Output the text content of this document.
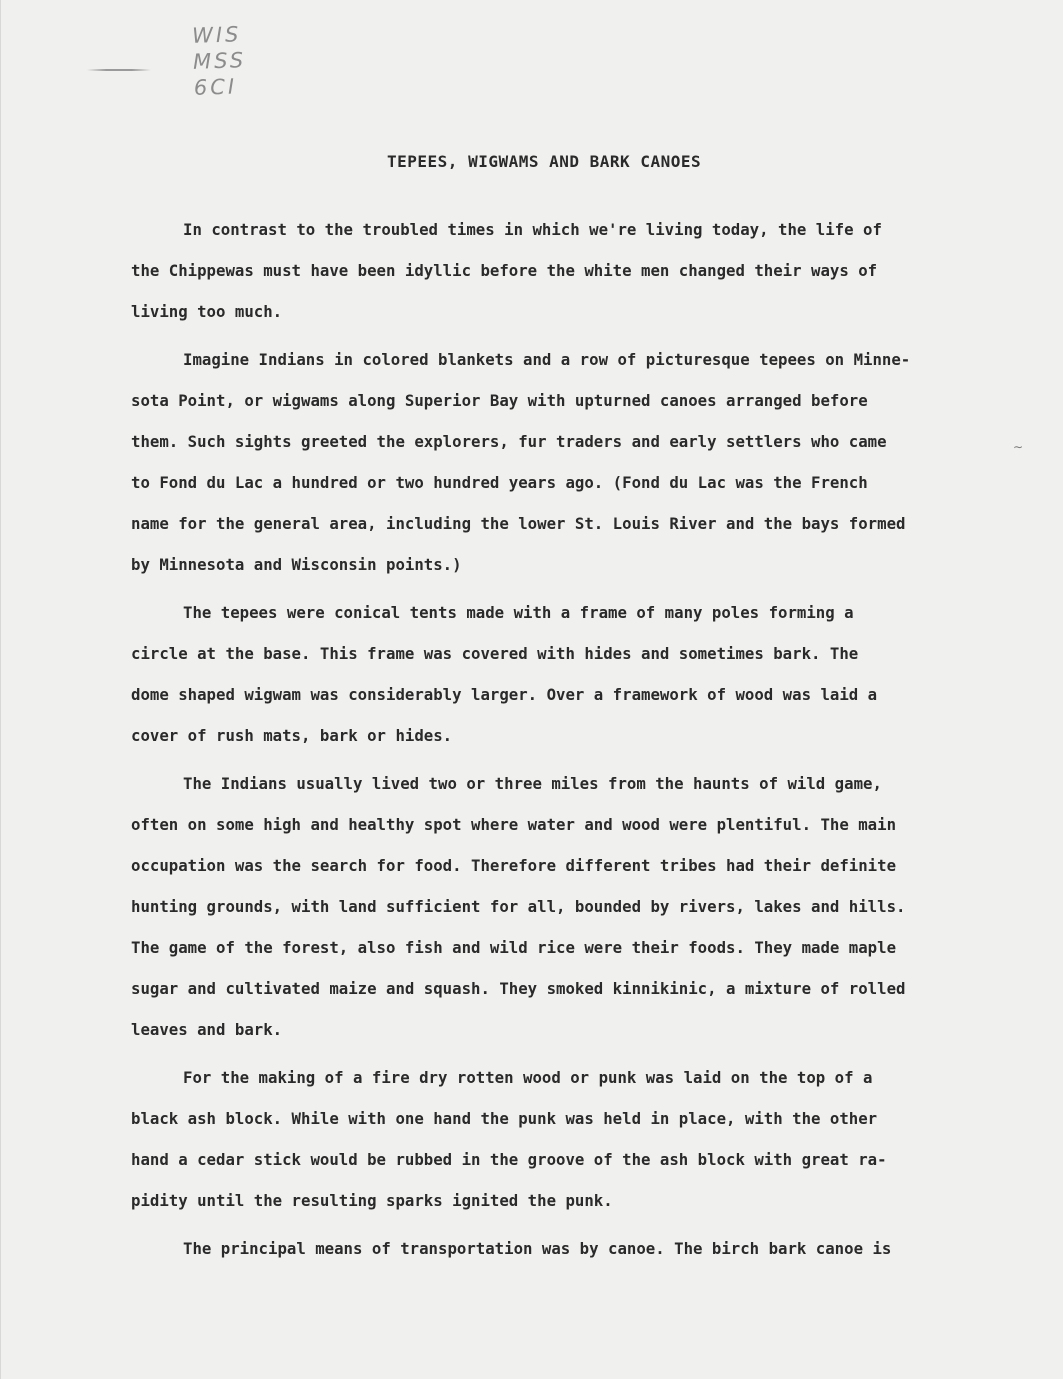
WIS
MSS
6CI
∼
TEPEES, WIGWAMS AND BARK CANOES
In contrast to the troubled times in which we're living today, the life of
the Chippewas must have been idyllic before the white men changed their ways of
living too much.
Imagine Indians in colored blankets and a row of picturesque tepees on Minne-
sota Point, or wigwams along Superior Bay with upturned canoes arranged before
them. Such sights greeted the explorers, fur traders and early settlers who came
to Fond du Lac a hundred or two hundred years ago. (Fond du Lac was the French
name for the general area, including the lower St. Louis River and the bays formed
by Minnesota and Wisconsin points.)
The tepees were conical tents made with a frame of many poles forming a
circle at the base. This frame was covered with hides and sometimes bark. The
dome shaped wigwam was considerably larger. Over a framework of wood was laid a
cover of rush mats, bark or hides.
The Indians usually lived two or three miles from the haunts of wild game,
often on some high and healthy spot where water and wood were plentiful. The main
occupation was the search for food. Therefore different tribes had their definite
hunting grounds, with land sufficient for all, bounded by rivers, lakes and hills.
The game of the forest, also fish and wild rice were their foods. They made maple
sugar and cultivated maize and squash. They smoked kinnikinic, a mixture of rolled
leaves and bark.
For the making of a fire dry rotten wood or punk was laid on the top of a
black ash block. While with one hand the punk was held in place, with the other
hand a cedar stick would be rubbed in the groove of the ash block with great ra-
pidity until the resulting sparks ignited the punk.
The principal means of transportation was by canoe. The birch bark canoe is
